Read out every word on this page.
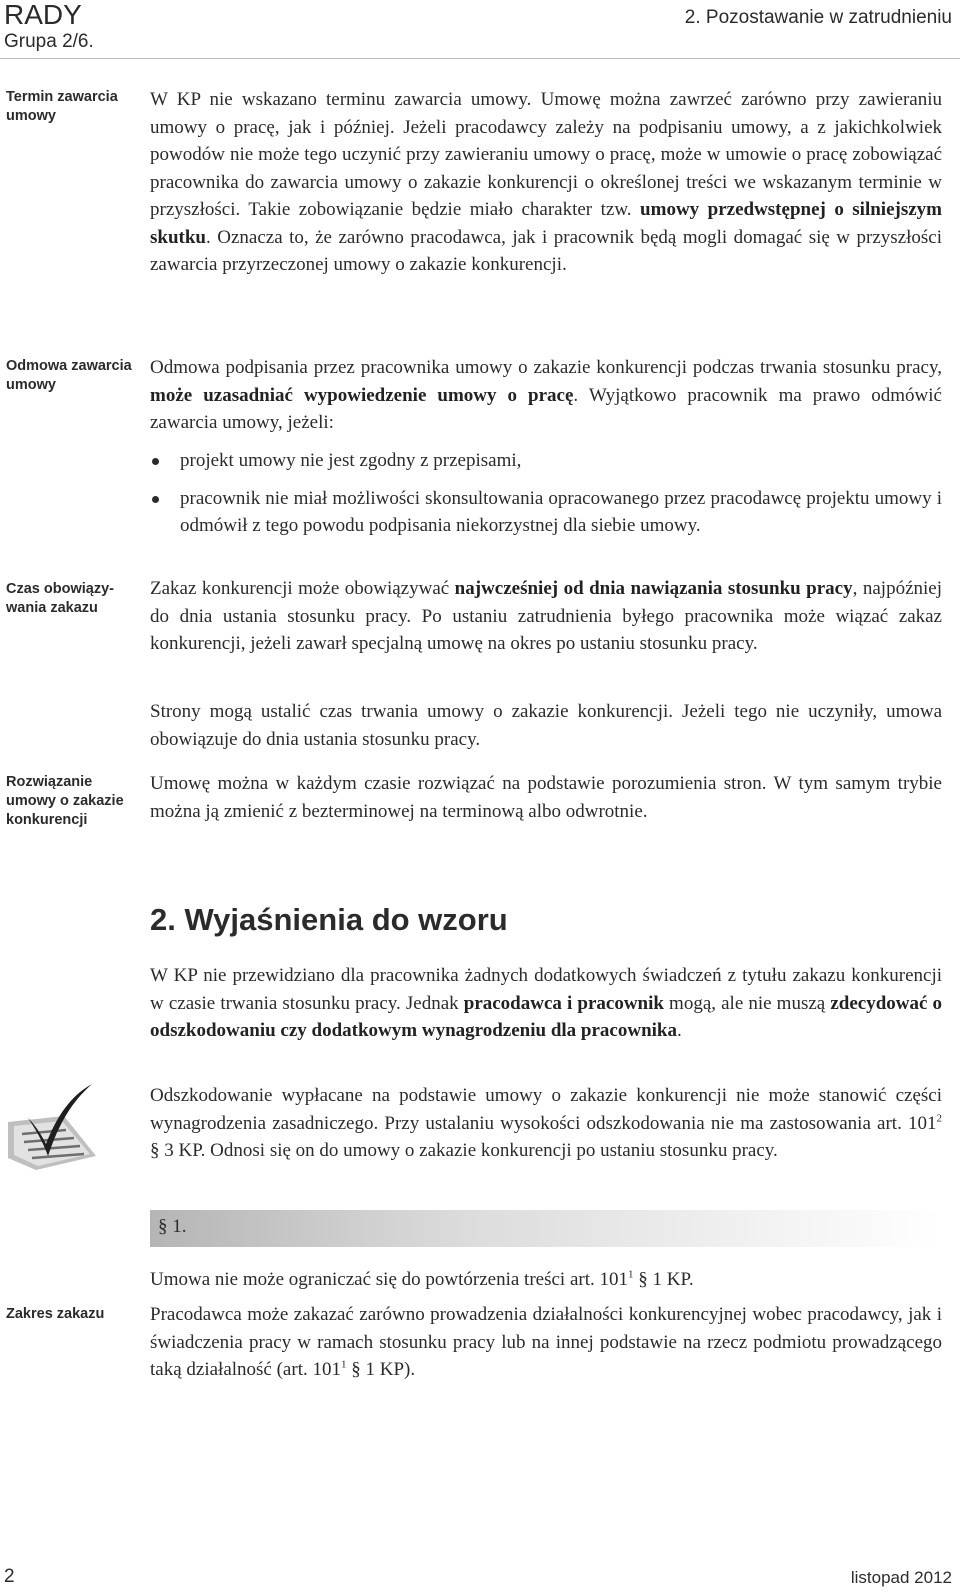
RADY
Grupa 2/6.
2. Pozostawanie w zatrudnieniu
Termin zawarcia umowy
Odmowa zawarcia umowy
Czas obowiązy-wania zakazu
Rozwiązanie umowy o zakazie konkurencji
Zakres zakazu

W KP nie wskazano terminu zawarcia umowy. Umowę można zawrzeć zarówno przy zawieraniu umowy o pracę, jak i później. Jeżeli pracodawcy zależy na podpisaniu umowy, a z jakichkolwiek powodów nie może tego uczynić przy zawieraniu umowy o pracę, może w umowie o pracę zobowiązać pracownika do zawarcia umowy o zakazie konkurencji o określonej treści we wskazanym terminie w przyszłości. Takie zobowiązanie będzie miało charakter tzw. umowy przedwstępnej o silniejszym skutku. Oznacza to, że zarówno pracodawca, jak i pracownik będą mogli domagać się w przyszłości zawarcia przyrzeczonej umowy o zakazie konkurencji.

Odmowa podpisania przez pracownika umowy o zakazie konkurencji podczas trwania stosunku pracy, może uzasadniać wypowiedzenie umowy o pracę. Wyjątkowo pracownik ma prawo odmówić zawarcia umowy, jeżeli:

projekt umowy nie jest zgodny z przepisami,
pracownik nie miał możliwości skonsultowania opracowanego przez pracodawcę projektu umowy i odmówił z tego powodu podpisania niekorzystnej dla siebie umowy.

Zakaz konkurencji może obowiązywać najwcześniej od dnia nawiązania stosunku pracy, najpóźniej do dnia ustania stosunku pracy. Po ustaniu zatrudnienia byłego pracownika może wiązać zakaz konkurencji, jeżeli zawarł specjalną umowę na okres po ustaniu stosunku pracy.

Strony mogą ustalić czas trwania umowy o zakazie konkurencji. Jeżeli tego nie uczyniły, umowa obowiązuje do dnia ustania stosunku pracy.

Umowę można w każdym czasie rozwiązać na podstawie porozumienia stron. W tym samym trybie można ją zmienić z bezterminowej na terminową albo odwrotnie.

2. Wyjaśnienia do wzoru

W KP nie przewidziano dla pracownika żadnych dodatkowych świadczeń z tytułu zakazu konkurencji w czasie trwania stosunku pracy. Jednak pracodawca i pracownik mogą, ale nie muszą zdecydować o odszkodowaniu czy dodatkowym wynagrodzeniu dla pracownika.

Odszkodowanie wypłacane na podstawie umowy o zakazie konkurencji nie może stanowić części wynagrodzenia zasadniczego. Przy ustalaniu wysokości odszkodowania nie ma zastosowania art. $101^2$ § 3 KP. Odnosi się on do umowy o zakazie konkurencji po ustaniu stosunku pracy.

§ 1.

Umowa nie może ograniczać się do powtórzenia treści art. $101^1$ § 1 KP.

Pracodawca może zakazać zarówno prowadzenia działalności konkurencyjnej wobec pracodawcy, jak i świadczenia pracy w ramach stosunku pracy lub na innej podstawie na rzecz podmiotu prowadzącego taką działalność (art. $101^1$ § 1 KP).

2	listopad 2012
